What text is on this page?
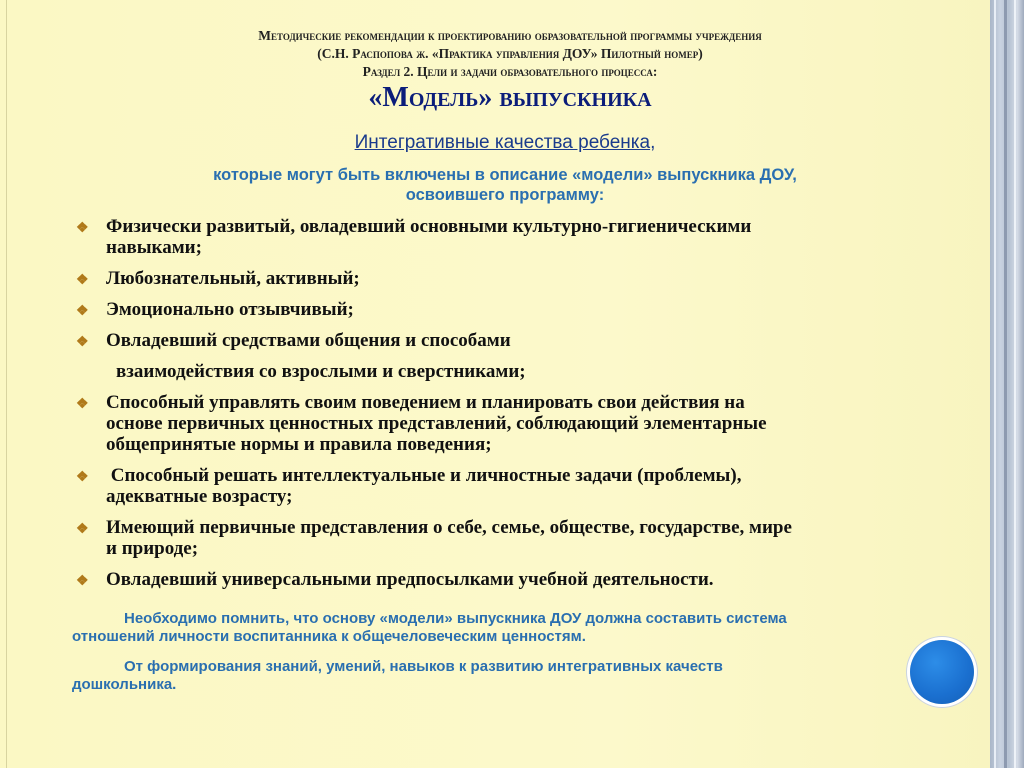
Методические рекомендации к проектированию образовательной программы учреждения
(С.Н. Распопова ж. «Практика управления ДОУ» Пилотный номер)
Раздел 2. Цели и задачи образовательного процесса:
«Модель» выпускника
Интегративные качества ребенка,
которые могут быть включены в описание «модели» выпускника ДОУ,
освоившего программу:
❖ Физически развитый, овладевший основными культурно-гигиеническими
навыками;
❖ Любознательный, активный;
❖ Эмоционально отзывчивый;
❖ Овладевший средствами общения и способами
взаимодействия со взрослыми и сверстниками;
❖ Способный управлять своим поведением и планировать свои действия на
основе первичных ценностных представлений, соблюдающий элементарные
общепринятые нормы и правила поведения;
❖ Способный решать интеллектуальные и личностные задачи (проблемы),
адекватные возрасту;
❖ Имеющий первичные представления о себе, семье, обществе, государстве, мире
и природе;
❖ Овладевший универсальными предпосылками учебной деятельности.
Необходимо помнить, что основу «модели» выпускника ДОУ должна составить система
отношений личности воспитанника к общечеловеческим ценностям.
От формирования знаний, умений, навыков к развитию интегративных качеств
дошкольника.
